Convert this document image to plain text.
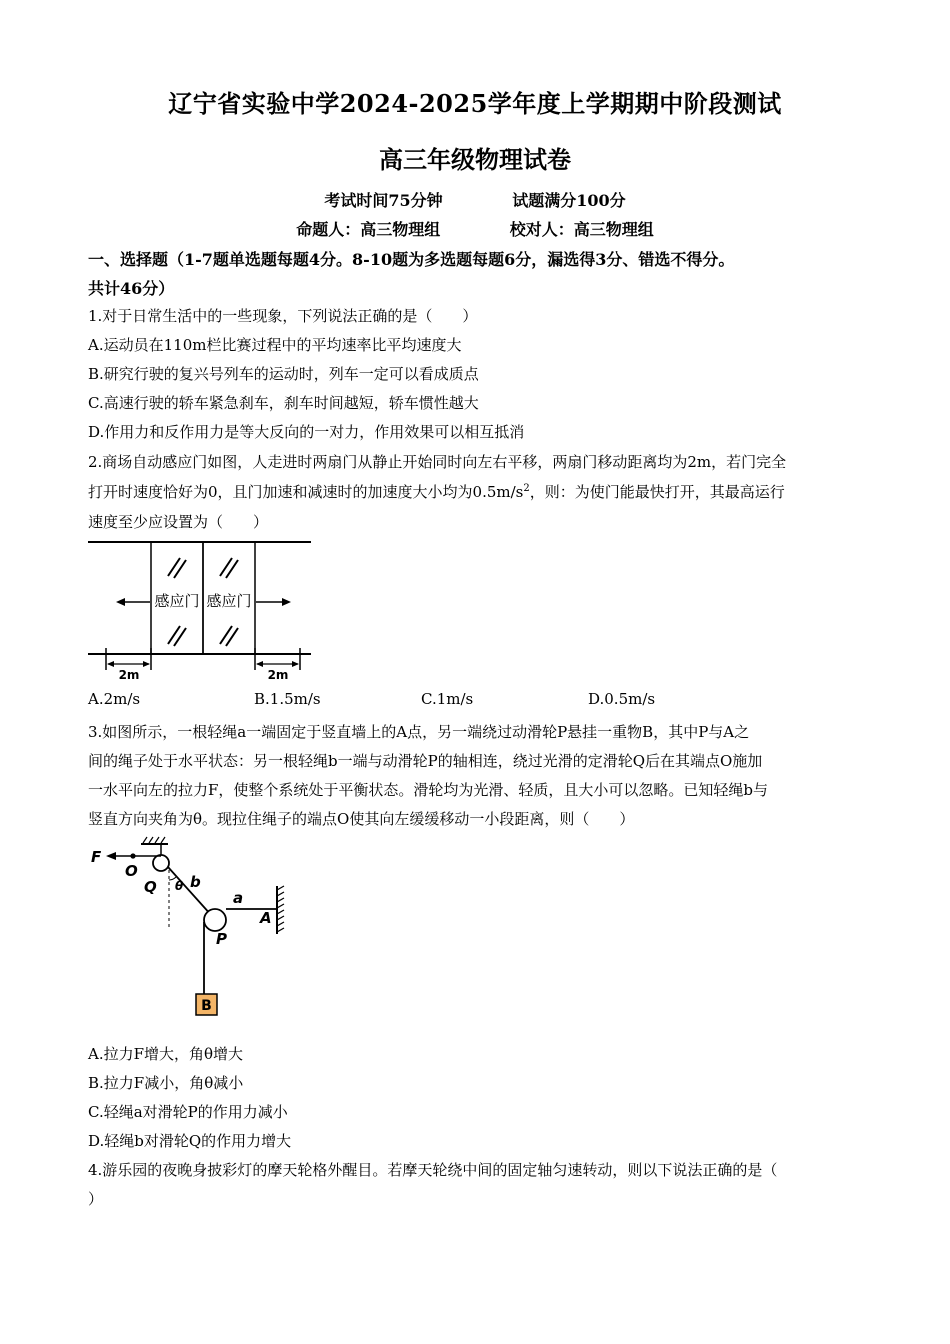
辽宁省实验中学2024-2025学年度上学期期中阶段测试
高三年级物理试卷
考试时间75分钟	试题满分100分
命题人：高三物理组	校对人：高三物理组
一、选择题（1-7题单选题每题4分。8-10题为多选题每题6分，漏选得3分、错选不得分。
共计46分）
1.对于日常生活中的一些现象，下列说法正确的是（　　）
A.运动员在110m栏比赛过程中的平均速率比平均速度大
B.研究行驶的复兴号列车的运动时，列车一定可以看成质点
C.高速行驶的轿车紧急刹车，刹车时间越短，轿车惯性越大
D.作用力和反作用力是等大反向的一对力，作用效果可以相互抵消
2.商场自动感应门如图，人走进时两扇门从静止开始同时向左右平移，两扇门移动距离均为2m，若门完全
打开时速度恰好为0，且门加速和减速时的加速度大小均为$0.5m/s^2$，则：为使门能最快打开，其最高运行
速度至少应设置为（　　）
感应门 感应门
2m	2m
A.2m/s	B.1.5m/s	C.1m/s	D.0.5m/s
3.如图所示，一根轻绳a一端固定于竖直墙上的A点，另一端绕过动滑轮P悬挂一重物B，其中P与A之
间的绳子处于水平状态：另一根轻绳b一端与动滑轮P的轴相连，绕过光滑的定滑轮Q后在其端点O施加
一水平向左的拉力F，使整个系统处于平衡状态。滑轮均为光滑、轻质，且大小可以忽略。已知轻绳b与
竖直方向夹角为θ。现拉住绳子的端点O使其向左缓缓移动一小段距离，则（　　）
F
O
Q θ b
a
A
P
B
A.拉力F增大，角θ增大
B.拉力F减小，角θ减小
C.轻绳a对滑轮P的作用力减小
D.轻绳b对滑轮Q的作用力增大
4.游乐园的夜晚身披彩灯的摩天轮格外醒目。若摩天轮绕中间的固定轴匀速转动，则以下说法正确的是（
）
